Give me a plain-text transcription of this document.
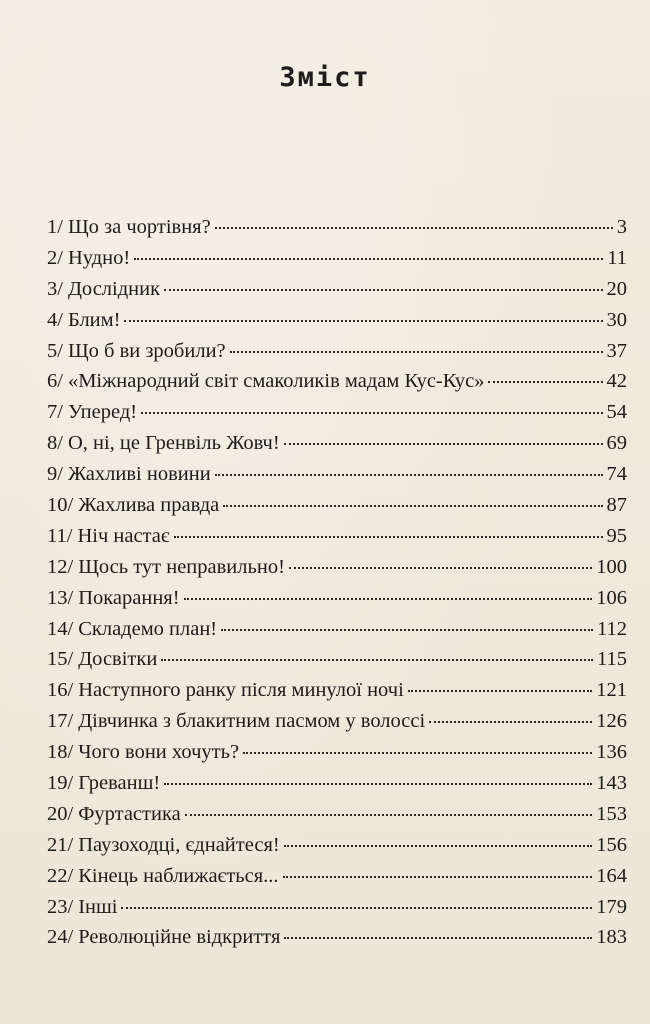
Зміст
1/ Що за чортівня?	3
2/ Нудно!	11
3/ Дослідник	20
4/ Блим!	30
5/ Що б ви зробили?	37
6/ «Міжнародний світ смаколиків мадам Кус-Кус»	42
7/ Уперед!	54
8/ О, ні, це Гренвіль Жовч!	69
9/ Жахливі новини	74
10/ Жахлива правда	87
11/ Ніч настає	95
12/ Щось тут неправильно!	100
13/ Покарання!	106
14/ Складемо план!	112
15/ Досвітки	115
16/ Наступного ранку після минулої ночі	121
17/ Дівчинка з блакитним пасмом у волоссі	126
18/ Чого вони хочуть?	136
19/ Греванш!	143
20/ Фуртастика	153
21/ Паузоходці, єднайтеся!	156
22/ Кінець наближається...	164
23/ Інші	179
24/ Революційне відкриття	183
